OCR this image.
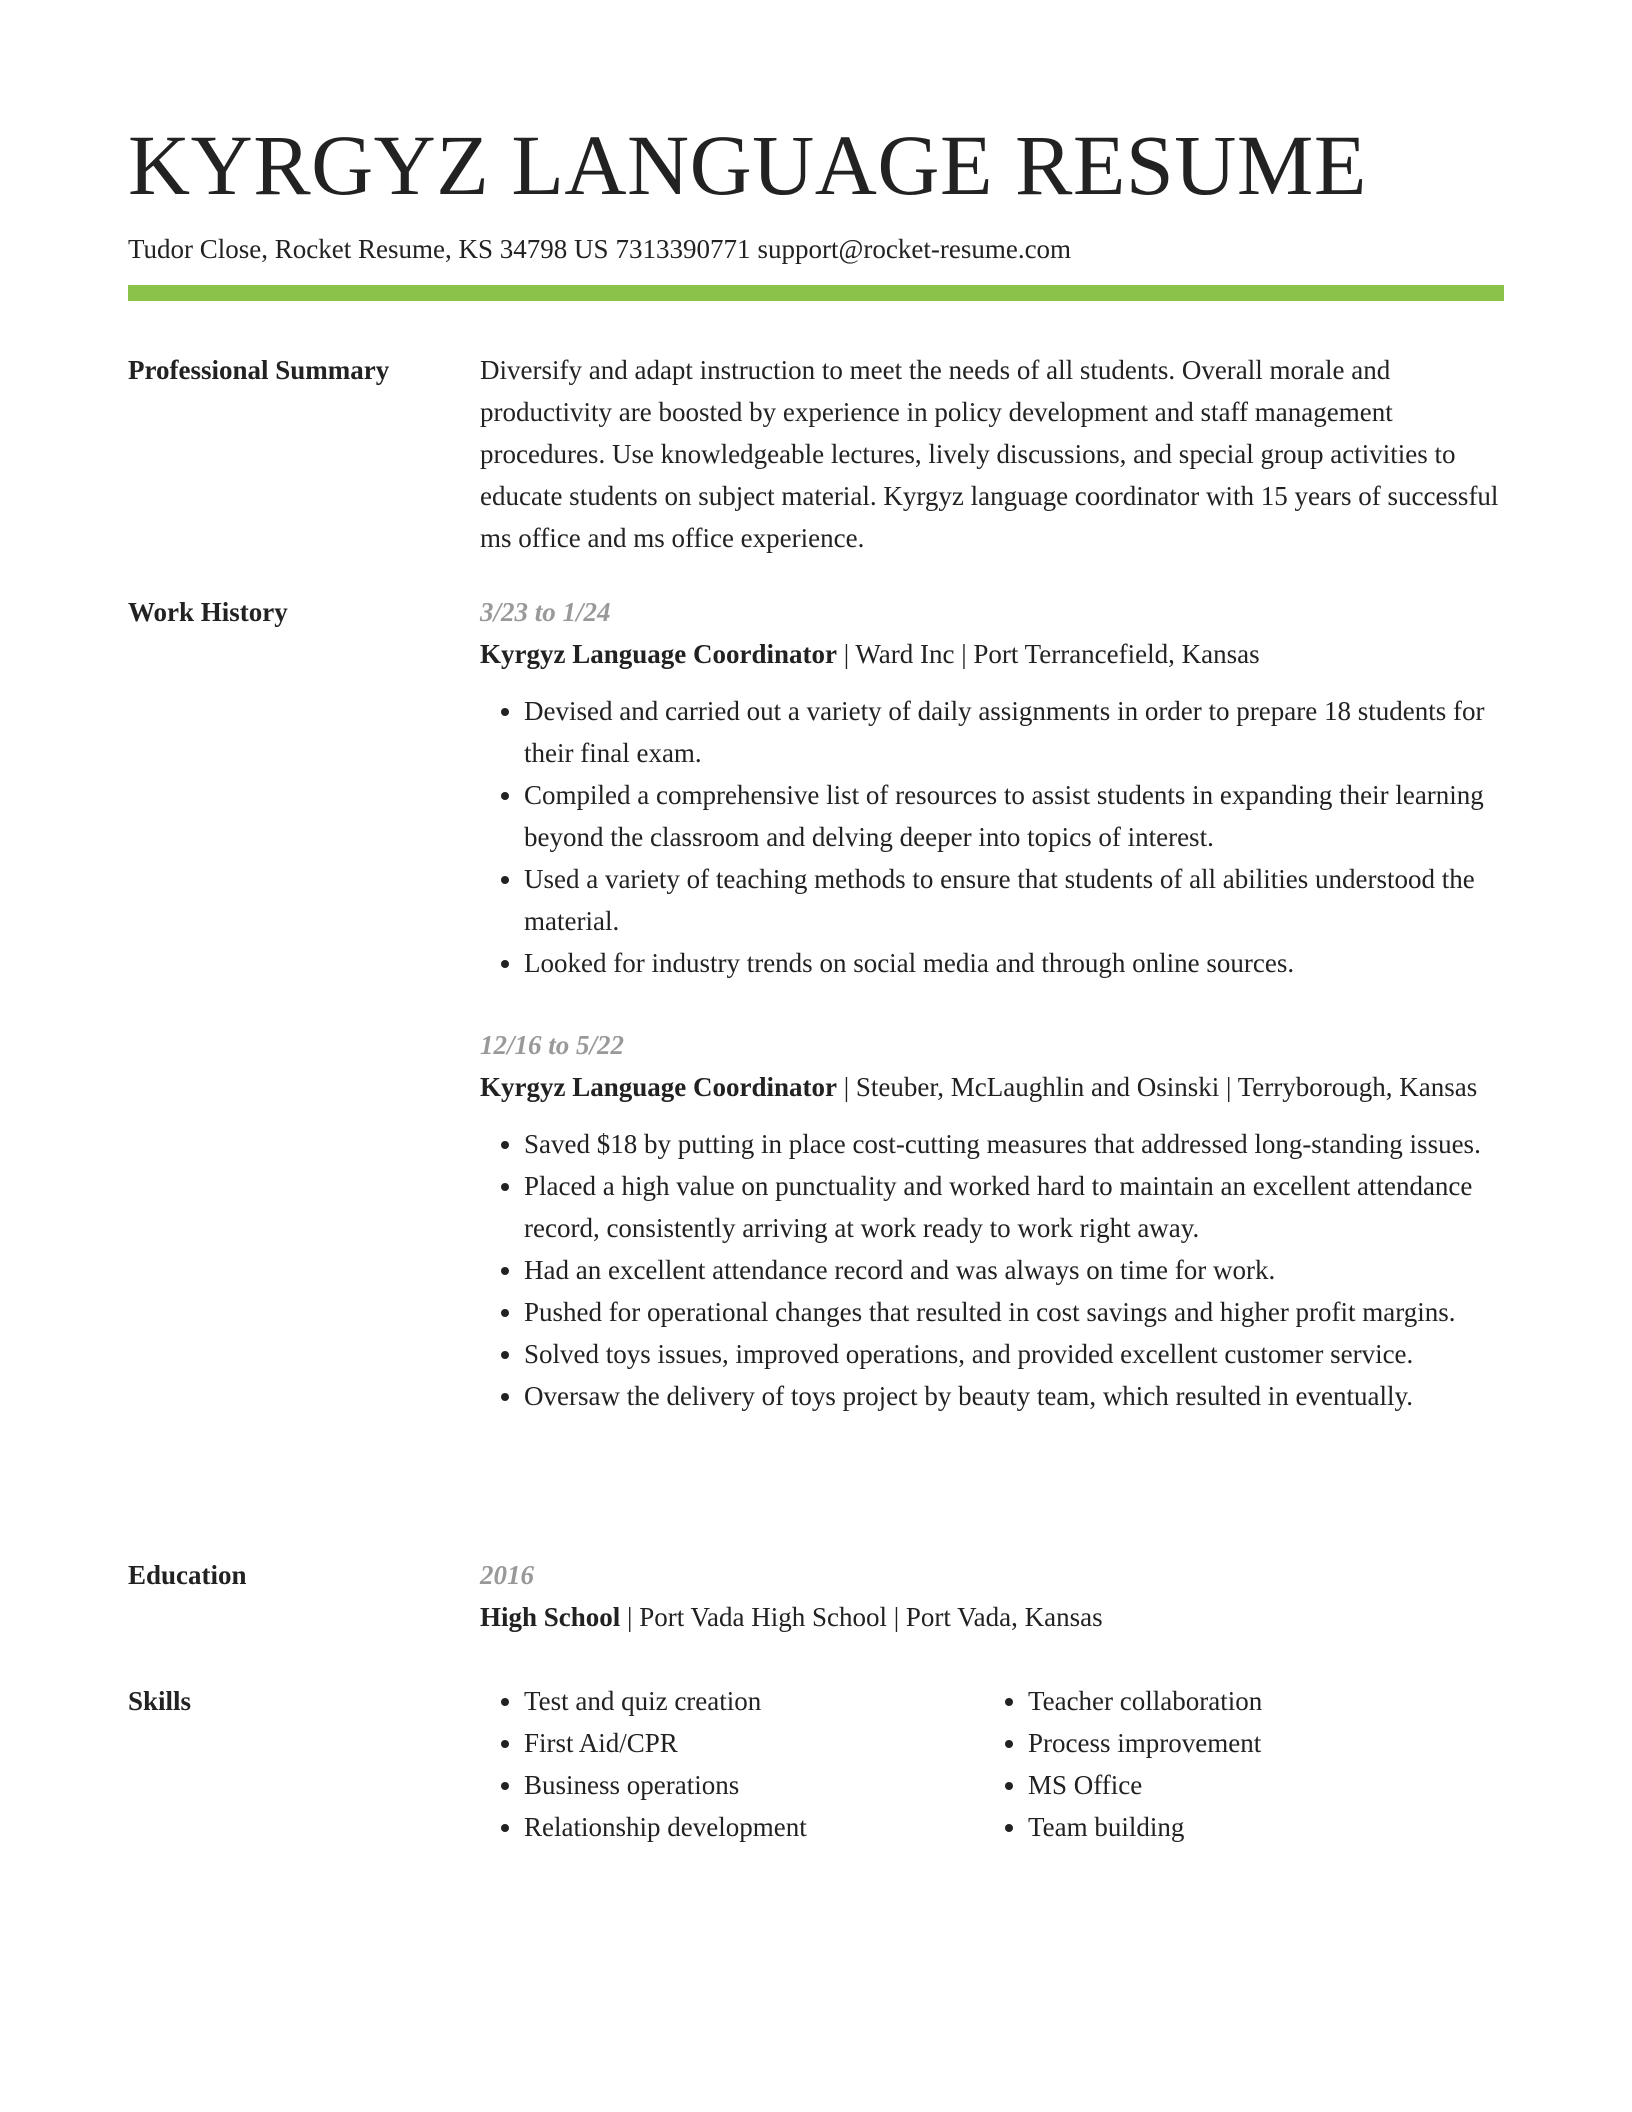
KYRGYZ LANGUAGE RESUME
Tudor Close, Rocket Resume, KS 34798 US 7313390771 support@rocket-resume.com
Professional Summary	Diversify and adapt instruction to meet the needs of all students. Overall morale and productivity are boosted by experience in policy development and staff management procedures. Use knowledgeable lectures, lively discussions, and special group activities to educate students on subject material. Kyrgyz language coordinator with 15 years of successful ms office and ms office experience.

Work History	3/23 to 1/24
Kyrgyz Language Coordinator | Ward Inc | Port Terrancefield, Kansas
• Devised and carried out a variety of daily assignments in order to prepare 18 students for their final exam.
• Compiled a comprehensive list of resources to assist students in expanding their learning beyond the classroom and delving deeper into topics of interest.
• Used a variety of teaching methods to ensure that students of all abilities understood the material.
• Looked for industry trends on social media and through online sources.
12/16 to 5/22
Kyrgyz Language Coordinator | Steuber, McLaughlin and Osinski | Terryborough, Kansas
• Saved $18 by putting in place cost-cutting measures that addressed long-standing issues.
• Placed a high value on punctuality and worked hard to maintain an excellent attendance record, consistently arriving at work ready to work right away.
• Had an excellent attendance record and was always on time for work.
• Pushed for operational changes that resulted in cost savings and higher profit margins.
• Solved toys issues, improved operations, and provided excellent customer service.
• Oversaw the delivery of toys project by beauty team, which resulted in eventually.
Education	2016
High School | Port Vada High School | Port Vada, Kansas
Skills
•	Test and quiz creation
• First Aid/CPR
• Business operations
• Relationship development
• Teacher collaboration
• Process improvement
• MS Office
• Team building
